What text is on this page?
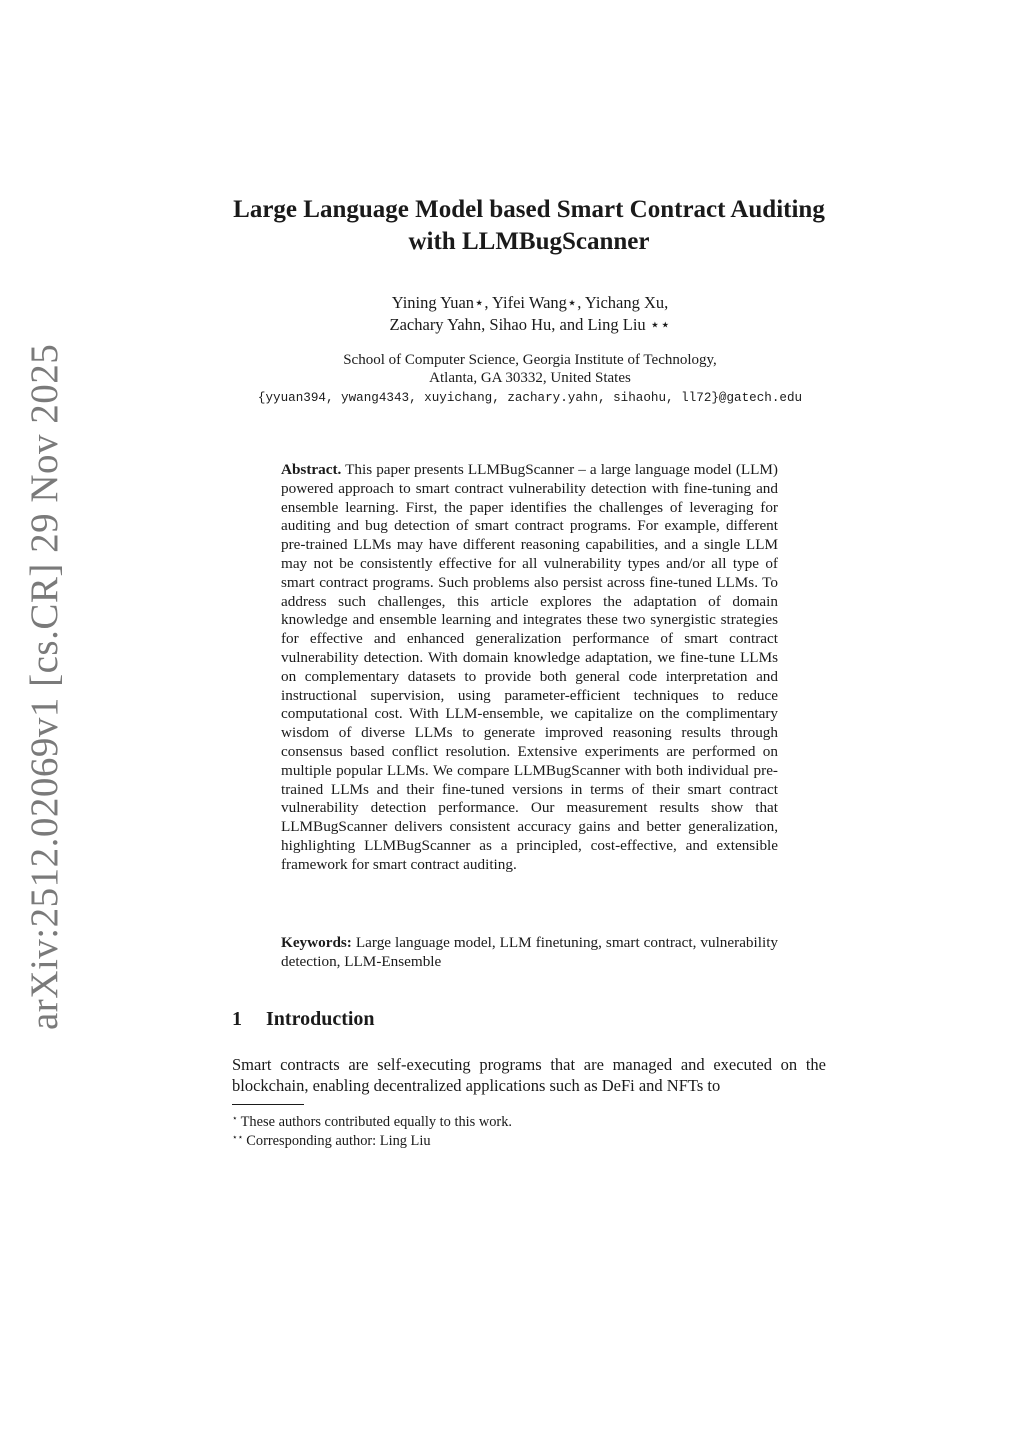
arXiv:2512.02069v1 [cs.CR] 29 Nov 2025
Large Language Model based Smart Contract Auditing with LLMBugScanner
Yining Yuan⋆, Yifei Wang⋆, Yichang Xu,
Zachary Yahn, Sihao Hu, and Ling Liu ⋆⋆
School of Computer Science, Georgia Institute of Technology,
Atlanta, GA 30332, United States
{yyuan394, ywang4343, xuyichang, zachary.yahn, sihaohu, ll72}@gatech.edu

Abstract. This paper presents LLMBugScanner – a large language model (LLM) powered approach to smart contract vulnerability detection with fine-tuning and ensemble learning. First, the paper identifies the challenges of leveraging for auditing and bug detection of smart contract programs. For example, different pre-trained LLMs may have different reasoning capabilities, and a single LLM may not be consistently effective for all vulnerability types and/or all type of smart contract programs. Such problems also persist across fine-tuned LLMs. To address such challenges, this article explores the adaptation of domain knowledge and ensemble learning and integrates these two synergistic strategies for effective and enhanced generalization performance of smart contract vulnerability detection. With domain knowledge adaptation, we fine-tune LLMs on complementary datasets to provide both general code interpretation and instructional supervision, using parameter-efficient techniques to reduce computational cost. With LLM-ensemble, we capitalize on the complimentary wisdom of diverse LLMs to generate improved reasoning results through consensus based conflict resolution. Extensive experiments are performed on multiple popular LLMs. We compare LLMBugScanner with both individual pre-trained LLMs and their fine-tuned versions in terms of their smart contract vulnerability detection performance. Our measurement results show that LLMBugScanner delivers consistent accuracy gains and better generalization, highlighting LLMBugScanner as a principled, cost-effective, and extensible framework for smart contract auditing.

Keywords: Large language model, LLM finetuning, smart contract, vulnerability detection, LLM-Ensemble

1 Introduction

Smart contracts are self-executing programs that are managed and executed on the blockchain, enabling decentralized applications such as DeFi and NFTs to

⋆ These authors contributed equally to this work.
⋆⋆ Corresponding author: Ling Liu
